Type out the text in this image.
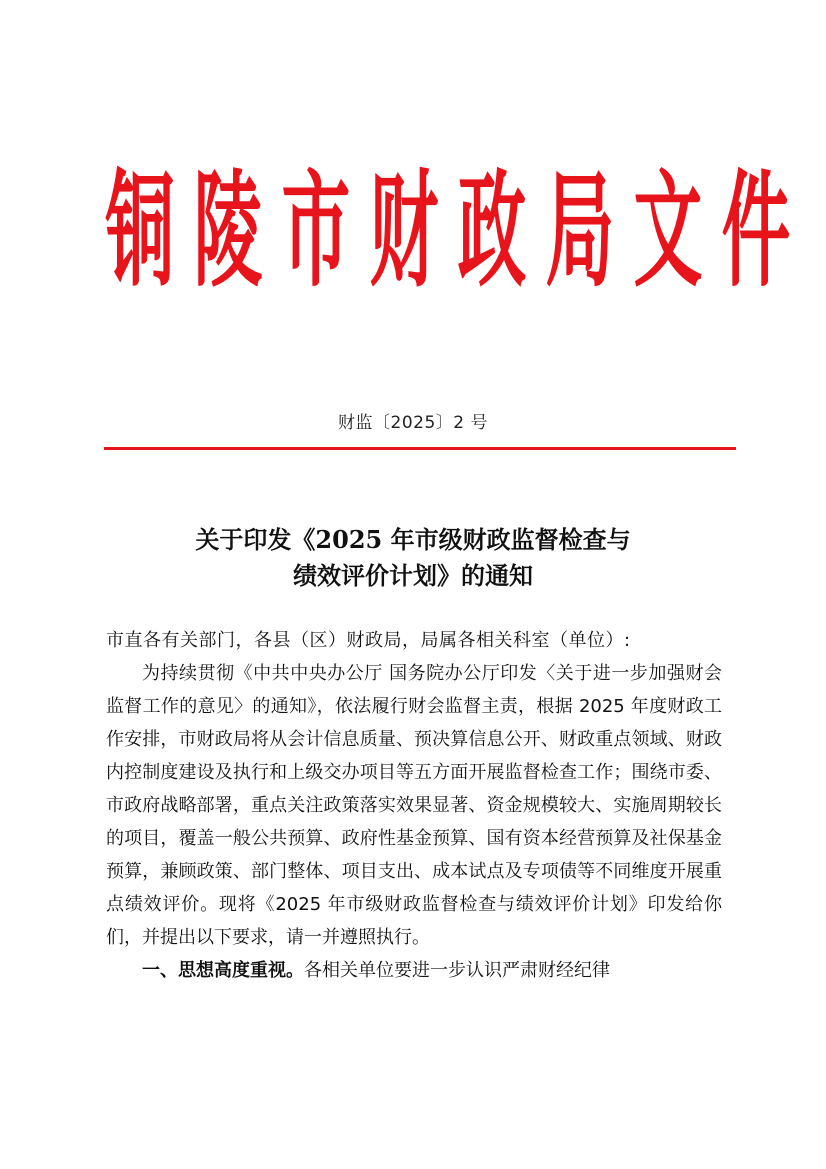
铜 陵 市 财 政 局 文 件
财监〔2025〕2 号
关于印发《2025 年市级财政监督检查与
绩效评价计划》的通知

市直各有关部门，各县（区）财政局，局属各相关科室（单位）:

为持续贯彻《中共中央办公厅 国务院办公厅印发〈关于进一步加强财会监督工作的意见〉的通知》，依法履行财会监督主责，根据 2025 年度财政工作安排，市财政局将从会计信息质量、预决算信息公开、财政重点领域、财政内控制度建设及执行和上级交办项目等五方面开展监督检查工作；围绕市委、市政府战略部署，重点关注政策落实效果显著、资金规模较大、实施周期较长的项目，覆盖一般公共预算、政府性基金预算、国有资本经营预算及社保基金预算，兼顾政策、部门整体、项目支出、成本试点及专项债等不同维度开展重点绩效评价。现将《2025 年市级财政监督检查与绩效评价计划》印发给你们，并提出以下要求，请一并遵照执行。

一、思想高度重视。各相关单位要进一步认识严肃财经纪律
